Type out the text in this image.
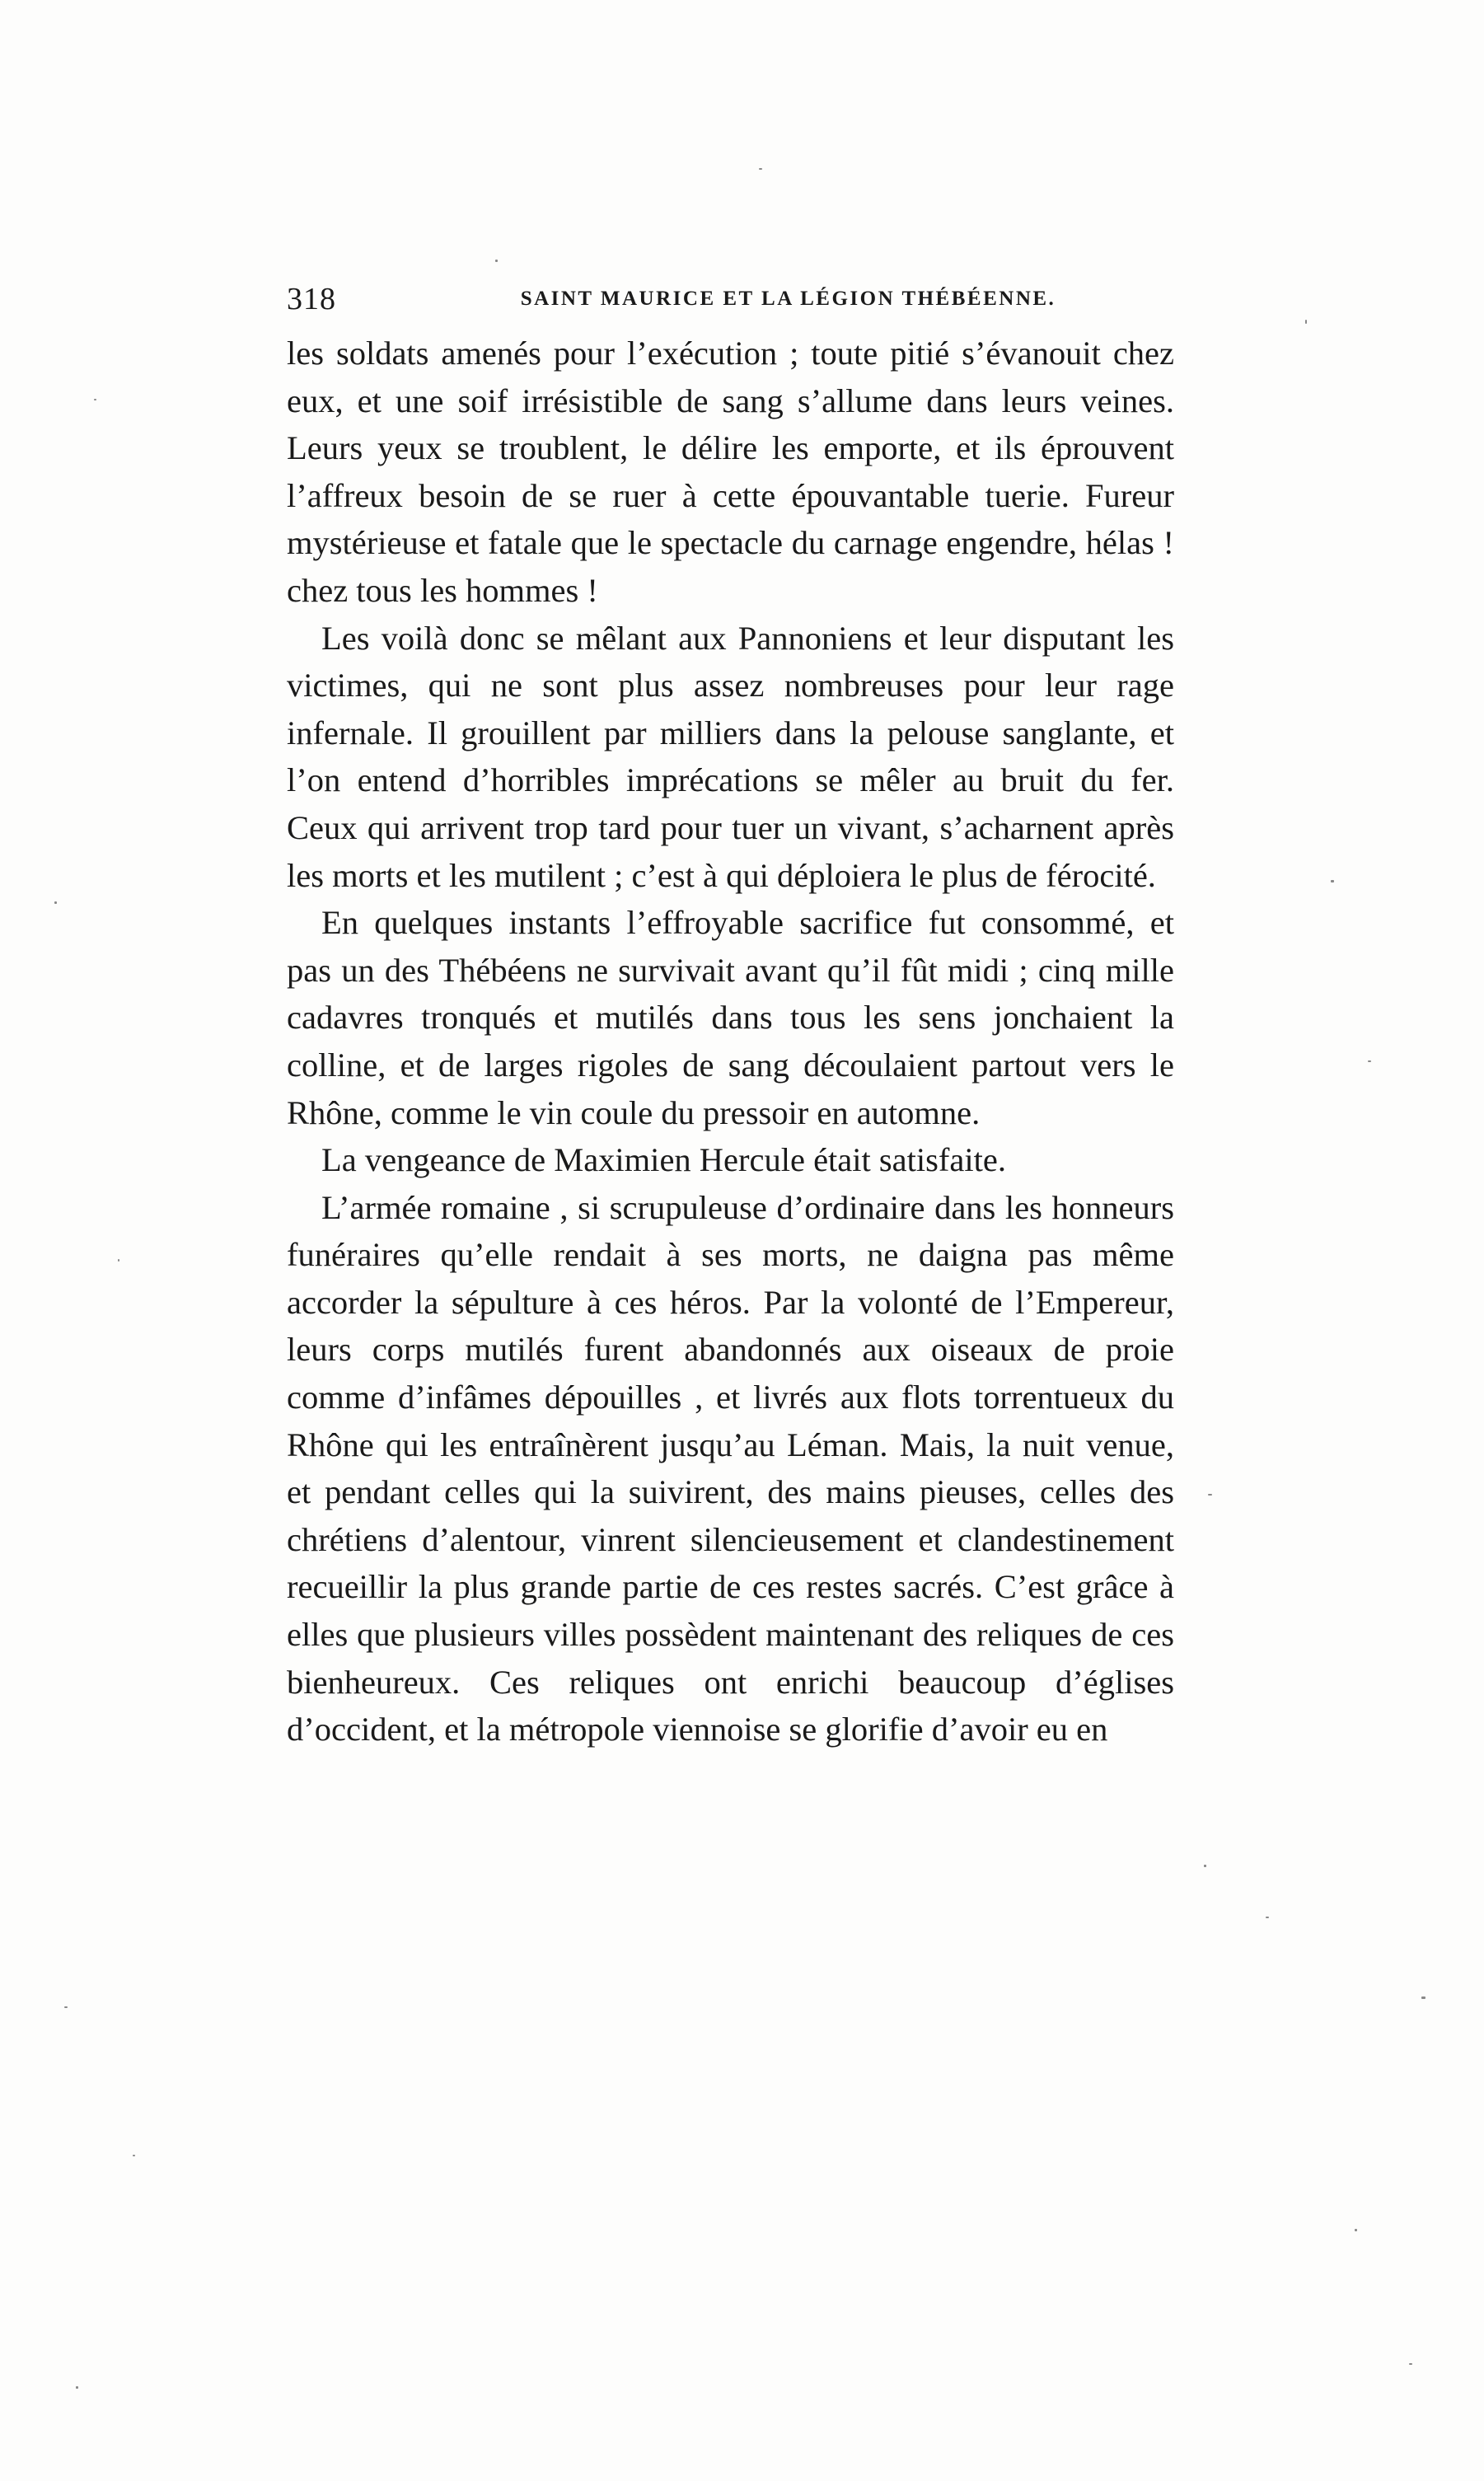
318	SAINT MAURICE ET LA LÉGION THÉBÉENNE.

les soldats amenés pour l’exécution ; toute pitié s’évanouit chez eux, et une soif irrésistible de sang s’allume dans leurs veines. Leurs yeux se troublent, le délire les emporte, et ils éprouvent l’affreux besoin de se ruer à cette épouvantable tuerie. Fureur mystérieuse et fatale que le spectacle du carnage engendre, hélas ! chez tous les hommes !

Les voilà donc se mêlant aux Pannoniens et leur disputant les victimes, qui ne sont plus assez nombreuses pour leur rage infernale. Il grouillent par milliers dans la pelouse sanglante, et l’on entend d’horribles imprécations se mêler au bruit du fer. Ceux qui arrivent trop tard pour tuer un vivant, s’acharnent après les morts et les mutilent ; c’est à qui déploiera le plus de férocité.

En quelques instants l’effroyable sacrifice fut consommé, et pas un des Thébéens ne survivait avant qu’il fût midi ; cinq mille cadavres tronqués et mutilés dans tous les sens jonchaient la colline, et de larges rigoles de sang découlaient partout vers le Rhône, comme le vin coule du pressoir en automne.

La vengeance de Maximien Hercule était satisfaite.

L’armée romaine , si scrupuleuse d’ordinaire dans les honneurs funéraires qu’elle rendait à ses morts, ne daigna pas même accorder la sépulture à ces héros. Par la volonté de l’Empereur, leurs corps mutilés furent abandonnés aux oiseaux de proie comme d’infâmes dépouilles , et livrés aux flots torrentueux du Rhône qui les entraînèrent jusqu’au Léman. Mais, la nuit venue, et pendant celles qui la suivirent, des mains pieuses, celles des chrétiens d’alentour, vinrent silencieusement et clandestinement recueillir la plus grande partie de ces restes sacrés. C’est grâce à elles que plusieurs villes possèdent maintenant des reliques de ces bienheureux. Ces reliques ont enrichi beaucoup d’églises d’occident, et la métropole viennoise se glorifie d’avoir eu en
